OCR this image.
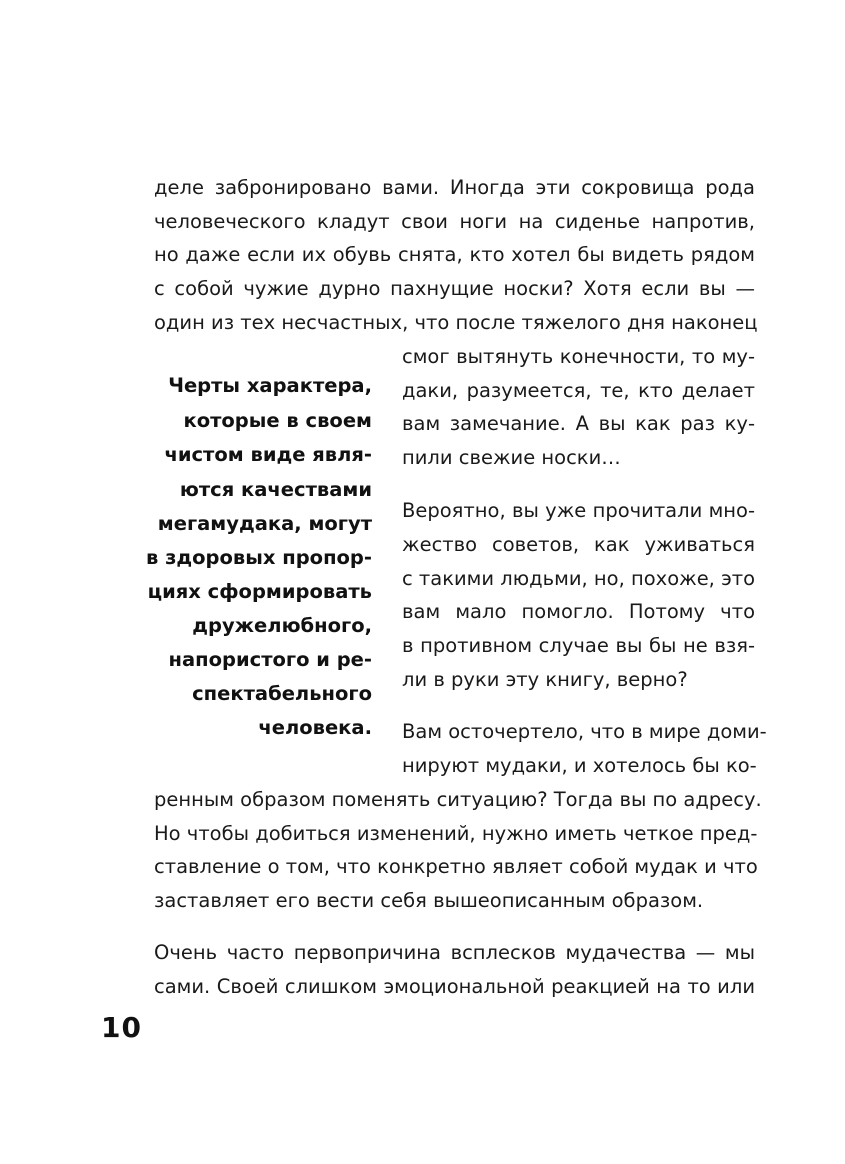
деле забронировано вами. Иногда эти сокровища рода
человеческого кладут свои ноги на сиденье напротив,
но даже если их обувь снята, кто хотел бы видеть рядом
с собой чужие дурно пахнущие носки? Хотя если вы —
один из тех несчастных, что после тяжелого дня наконец
смог вытянуть конечности, то му-
даки, разумеется, те, кто делает
вам замечание. А вы как раз ку-
пили свежие носки…
Вероятно, вы уже прочитали мно-
жество советов, как уживаться
с такими людьми, но, похоже, это
вам мало помогло. Потому что
в противном случае вы бы не взя-
ли в руки эту книгу, верно?
Вам осточертело, что в мире доми-
нируют мудаки, и хотелось бы ко-
ренным образом поменять ситуацию? Тогда вы по адресу.
Но чтобы добиться изменений, нужно иметь четкое пред-
ставление о том, что конкретно являет собой мудак и что
заставляет его вести себя вышеописанным образом.
Очень часто первопричина всплесков мудачества — мы
сами. Своей слишком эмоциональной реакцией на то или
Черты характера,
которые в своем
чистом виде явля-
ются качествами
мегамудака, могут
в здоровых пропор-
циях сформировать
дружелюбного,
напористого и ре-
спектабельного
человека.
10
